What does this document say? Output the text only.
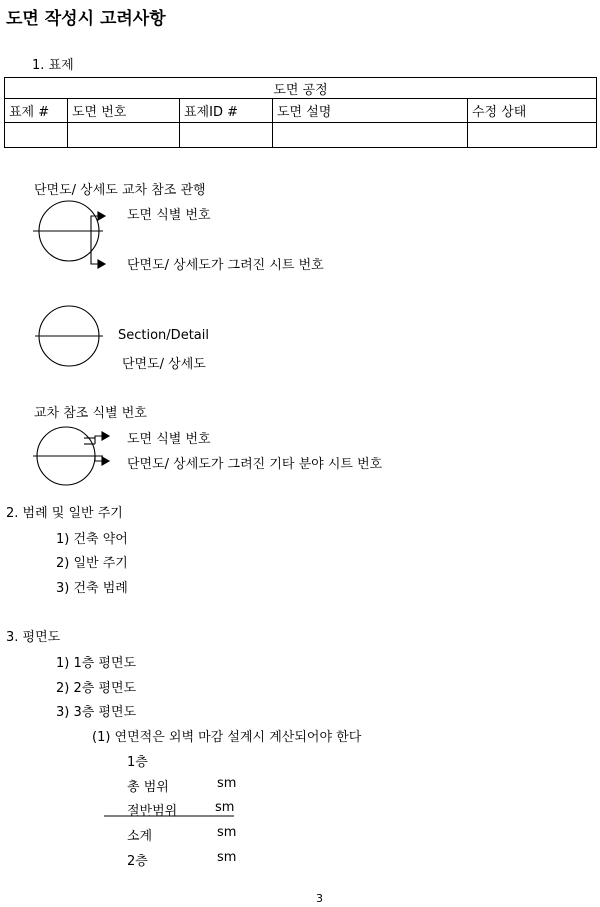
도면 작성시 고려사항
1. 표제
도면 공정				
표제 #	도면 번호	표제ID #	도면 설명	수정 상태

단면도/ 상세도 교차 참조 관행
도면 식별 번호
단면도/ 상세도가 그려진 시트 번호
Section/Detail
단면도/ 상세도
교차 참조 식별 번호
도면 식별 번호
단면도/ 상세도가 그려진 기타 분야 시트 번호
2. 범례 및 일반 주기
1) 건축 약어
2) 일반 주기
3) 건축 범례
3. 평면도
1) 1층 평면도
2) 2층 평면도
3) 3층 평면도
(1) 연면적은 외벽 마감 설계시 계산되어야 한다
1층
총 범위	sm
절반범위	sm
소계	sm
2층	sm
3
